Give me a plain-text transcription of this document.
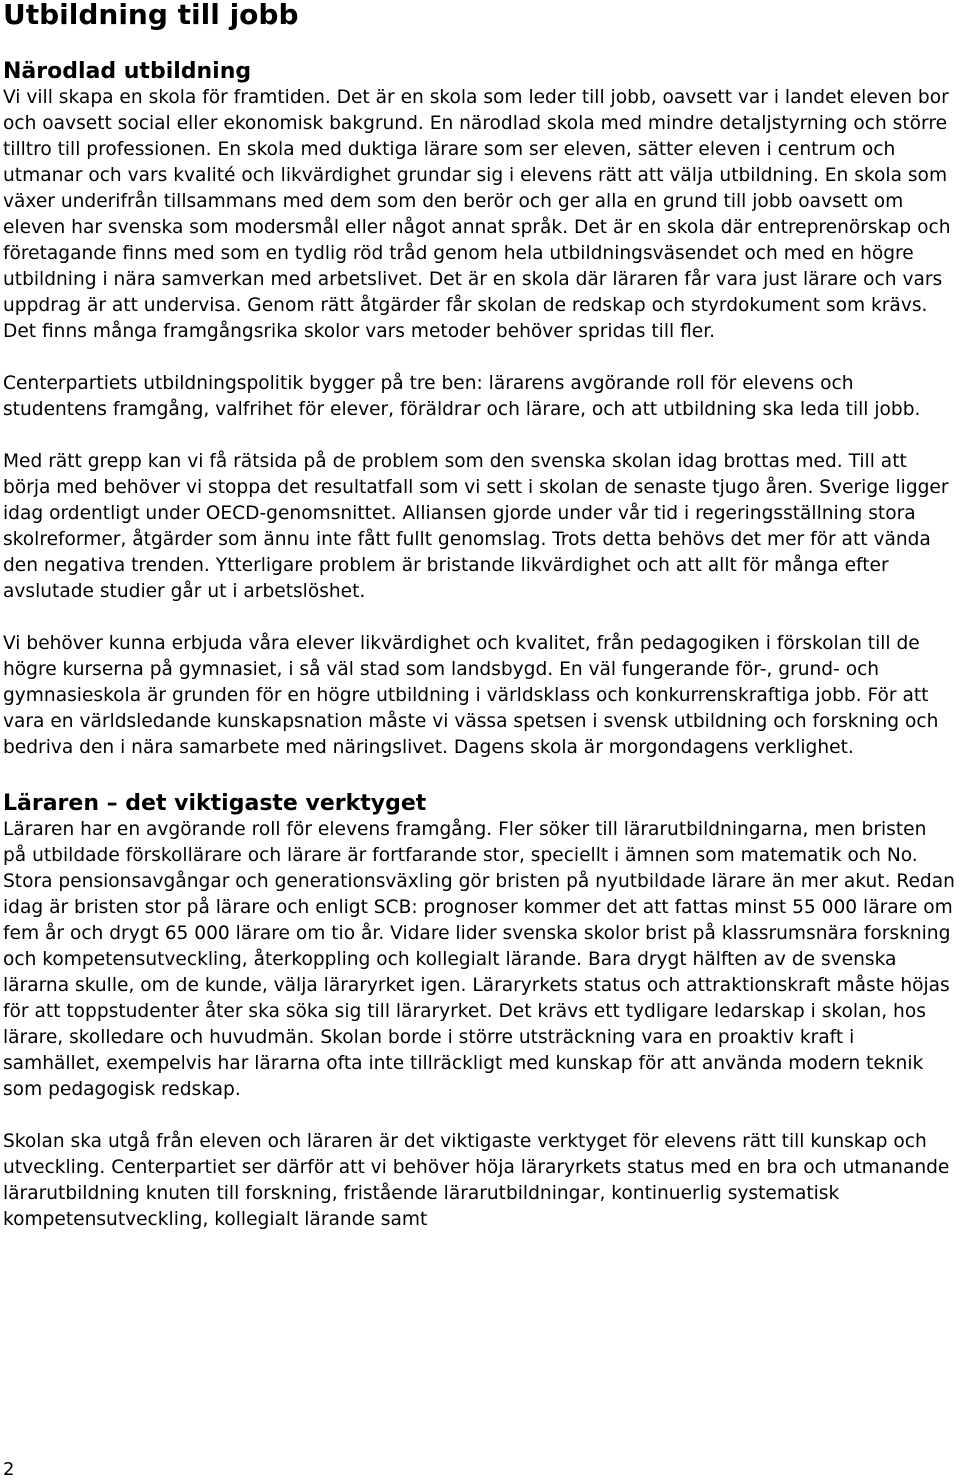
Utbildning till jobb
Närodlad utbildning

Vi vill skapa en skola för framtiden. Det är en skola som leder till jobb, oavsett var i landet eleven bor och oavsett social eller ekonomisk bakgrund. En närodlad skola med mindre detaljstyrning och större tilltro till professionen. En skola med duktiga lärare som ser eleven, sätter eleven i centrum och utmanar och vars kvalité och likvärdighet grundar sig i elevens rätt att välja utbildning. En skola som växer underifrån tillsammans med dem som den berör och ger alla en grund till jobb oavsett om eleven har svenska som modersmål eller något annat språk. Det är en skola där entreprenörskap och företagande finns med som en tydlig röd tråd genom hela utbildningsväsendet och med en högre utbildning i nära samverkan med arbetslivet. Det är en skola där läraren får vara just lärare och vars uppdrag är att undervisa. Genom rätt åtgärder får skolan de redskap och styrdokument som krävs. Det finns många framgångsrika skolor vars metoder behöver spridas till fler.

Centerpartiets utbildningspolitik bygger på tre ben: lärarens avgörande roll för elevens och studentens framgång, valfrihet för elever, föräldrar och lärare, och att utbildning ska leda till jobb.

Med rätt grepp kan vi få rätsida på de problem som den svenska skolan idag brottas med. Till att börja med behöver vi stoppa det resultatfall som vi sett i skolan de senaste tjugo åren. Sverige ligger idag ordentligt under OECD-genomsnittet. Alliansen gjorde under vår tid i regeringsställning stora skolreformer, åtgärder som ännu inte fått fullt genomslag. Trots detta behövs det mer för att vända den negativa trenden. Ytterligare problem är bristande likvärdighet och att allt för många efter avslutade studier går ut i arbetslöshet.

Vi behöver kunna erbjuda våra elever likvärdighet och kvalitet, från pedagogiken i förskolan till de högre kurserna på gymnasiet, i så väl stad som landsbygd. En väl fungerande för-, grund- och gymnasieskola är grunden för en högre utbildning i världsklass och konkurrenskraftiga jobb. För att vara en världsledande kunskapsnation måste vi vässa spetsen i svensk utbildning och forskning och bedriva den i nära samarbete med näringslivet. Dagens skola är morgondagens verklighet.

Läraren – det viktigaste verktyget

Läraren har en avgörande roll för elevens framgång. Fler söker till lärarutbildningarna, men bristen på utbildade förskollärare och lärare är fortfarande stor, speciellt i ämnen som matematik och No. Stora pensionsavgångar och generationsväxling gör bristen på nyutbildade lärare än mer akut. Redan idag är bristen stor på lärare och enligt SCB: prognoser kommer det att fattas minst 55 000 lärare om fem år och drygt 65 000 lärare om tio år. Vidare lider svenska skolor brist på klassrumsnära forskning och kompetensutveckling, återkoppling och kollegialt lärande. Bara drygt hälften av de svenska lärarna skulle, om de kunde, välja läraryrket igen. Läraryrkets status och attraktionskraft måste höjas för att toppstudenter åter ska söka sig till läraryrket. Det krävs ett tydligare ledarskap i skolan, hos lärare, skolledare och huvudmän. Skolan borde i större utsträckning vara en proaktiv kraft i samhället, exempelvis har lärarna ofta inte tillräckligt med kunskap för att använda modern teknik som pedagogisk redskap.

Skolan ska utgå från eleven och läraren är det viktigaste verktyget för elevens rätt till kunskap och utveckling. Centerpartiet ser därför att vi behöver höja läraryrkets status med en bra och utmanande lärarutbildning knuten till forskning, fristående lärarutbildningar, kontinuerlig systematisk kompetensutveckling, kollegialt lärande samt

2
